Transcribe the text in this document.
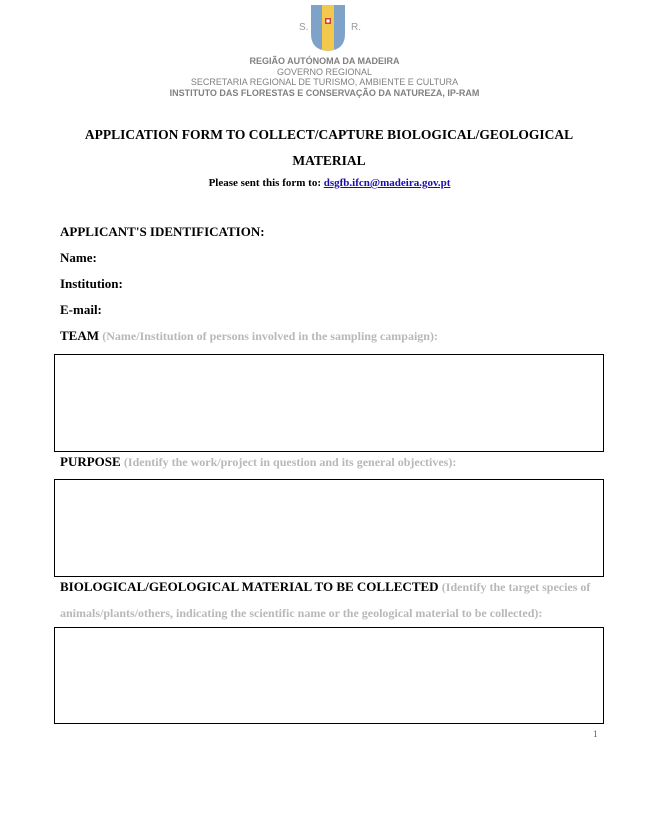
S.	R.
REGIÃO AUTÓNOMA DA MADEIRA
GOVERNO REGIONAL
SECRETARIA REGIONAL DE TURISMO, AMBIENTE E CULTURA
INSTITUTO DAS FLORESTAS E CONSERVAÇÃO DA NATUREZA, IP-RAM
APPLICATION FORM TO COLLECT/CAPTURE BIOLOGICAL/GEOLOGICAL MATERIAL
Please sent this form to: dsgfb.ifcn@madeira.gov.pt
APPLICANT'S IDENTIFICATION:
Name:
Institution:
E-mail:
TEAM (Name/Institution of persons involved in the sampling campaign):
PURPOSE (Identify the work/project in question and its general objectives):
BIOLOGICAL/GEOLOGICAL MATERIAL TO BE COLLECTED (Identify the target species of animals/plants/others, indicating the scientific name or the geological material to be collected):
1
